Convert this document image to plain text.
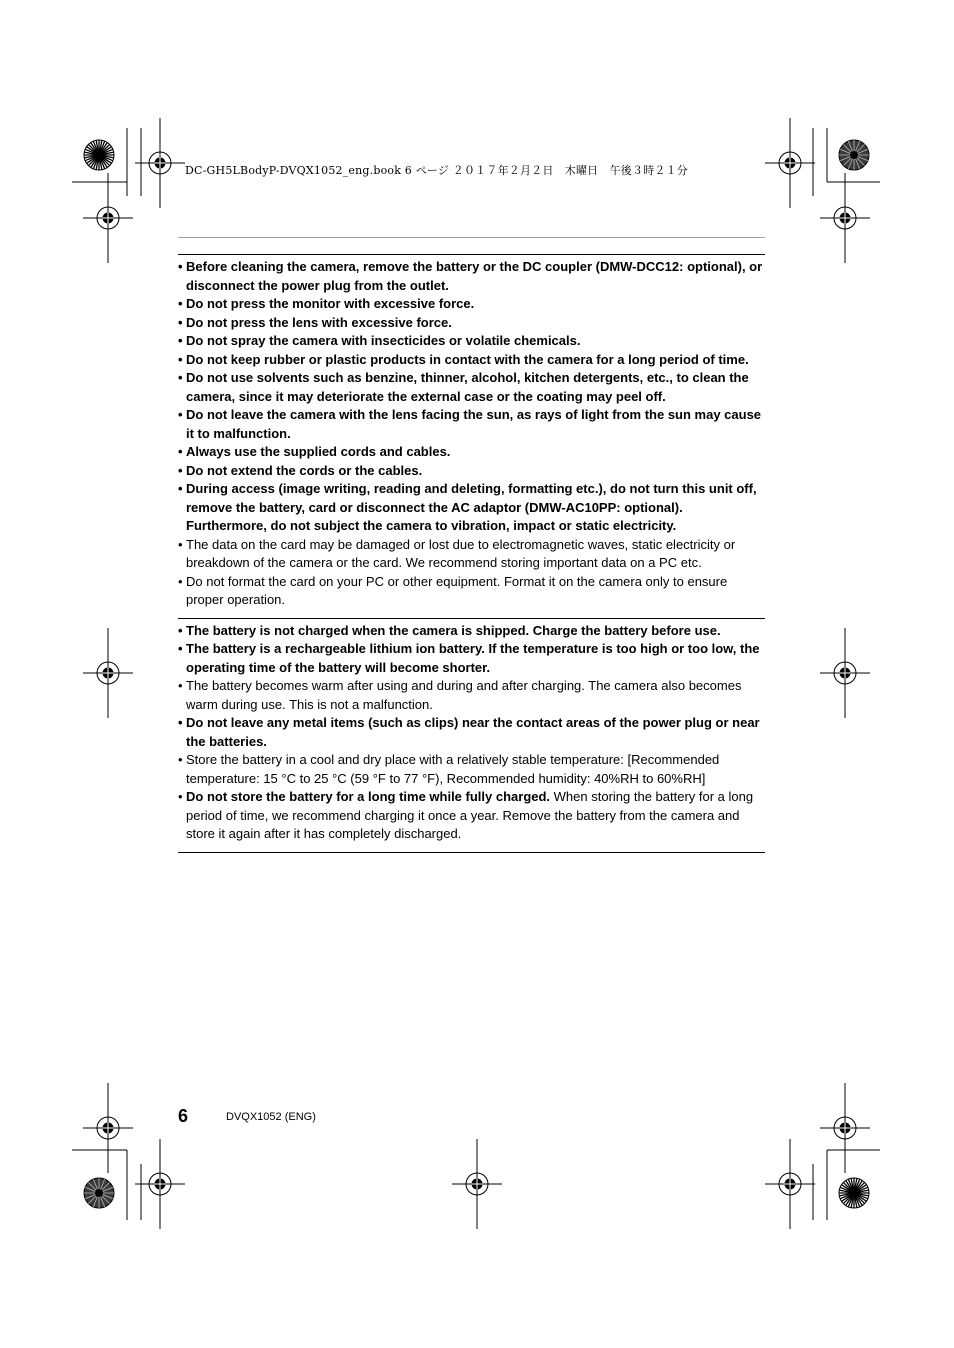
DC-GH5LBodyP-DVQX1052_eng.book 6 ページ ２０１７年２月２日　木曜日　午後３時２１分
• Before cleaning the camera, remove the battery or the DC coupler (DMW-DCC12: optional), or disconnect the power plug from the outlet.
• Do not press the monitor with excessive force.
• Do not press the lens with excessive force.
• Do not spray the camera with insecticides or volatile chemicals.
• Do not keep rubber or plastic products in contact with the camera for a long period of time.
• Do not use solvents such as benzine, thinner, alcohol, kitchen detergents, etc., to clean the camera, since it may deteriorate the external case or the coating may peel off.
• Do not leave the camera with the lens facing the sun, as rays of light from the sun may cause it to malfunction.
• Always use the supplied cords and cables.
• Do not extend the cords or the cables.
• During access (image writing, reading and deleting, formatting etc.), do not turn this unit off, remove the battery, card or disconnect the AC adaptor (DMW-AC10PP: optional). Furthermore, do not subject the camera to vibration, impact or static electricity.
• The data on the card may be damaged or lost due to electromagnetic waves, static electricity or breakdown of the camera or the card. We recommend storing important data on a PC etc.
• Do not format the card on your PC or other equipment. Format it on the camera only to ensure proper operation.
• The battery is not charged when the camera is shipped. Charge the battery before use.
• The battery is a rechargeable lithium ion battery. If the temperature is too high or too low, the operating time of the battery will become shorter.
• The battery becomes warm after using and during and after charging. The camera also becomes warm during use. This is not a malfunction.
• Do not leave any metal items (such as clips) near the contact areas of the power plug or near the batteries.
• Store the battery in a cool and dry place with a relatively stable temperature: [Recommended temperature: 15 °C to 25 °C (59 °F to 77 °F), Recommended humidity: 40%RH to 60%RH]
• Do not store the battery for a long time while fully charged. When storing the battery for a long period of time, we recommend charging it once a year. Remove the battery from the camera and store it again after it has completely discharged.
6	DVQX1052 (ENG)
